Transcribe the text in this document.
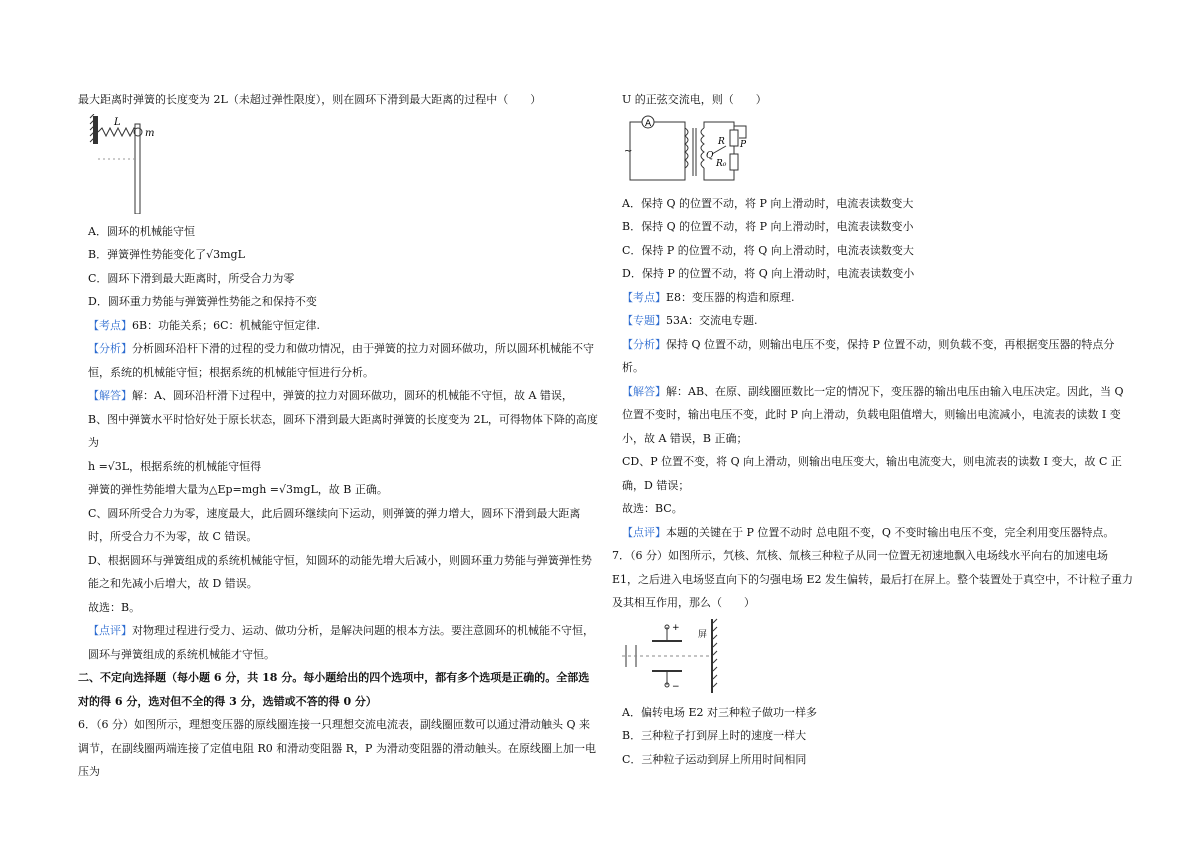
最大距离时弹簧的长度变为 2L（未超过弹性限度），则在圆环下滑到最大距离的过程中（　　）

L
m

A．圆环的机械能守恒

B．弹簧弹性势能变化了√3mgL

C．圆环下滑到最大距离时，所受合力为零

D．圆环重力势能与弹簧弹性势能之和保持不变

【考点】6B：功能关系；6C：机械能守恒定律.

【分析】分析圆环沿杆下滑的过程的受力和做功情况，由于弹簧的拉力对圆环做功，所以圆环机械能不守恒，系统的机械能守恒；根据系统的机械能守恒进行分析。

【解答】解：A、圆环沿杆滑下过程中，弹簧的拉力对圆环做功，圆环的机械能不守恒，故 A 错误，

B、图中弹簧水平时恰好处于原长状态，圆环下滑到最大距离时弹簧的长度变为 2L，可得物体下降的高度为

h =√3L，根据系统的机械能守恒得

弹簧的弹性势能增大量为△Ep=mgh =√3mgL，故 B 正确。

C、圆环所受合力为零，速度最大，此后圆环继续向下运动，则弹簧的弹力增大，圆环下滑到最大距离时，所受合力不为零，故 C 错误。

D、根据圆环与弹簧组成的系统机械能守恒，知圆环的动能先增大后减小，则圆环重力势能与弹簧弹性势能之和先减小后增大，故 D 错误。

故选：B。

【点评】对物理过程进行受力、运动、做功分析，是解决问题的根本方法。要注意圆环的机械能不守恒，圆环与弹簧组成的系统机械能才守恒。

二、不定向选择题（每小题 6 分，共 18 分。每小题给出的四个选项中，都有多个选项是正确的。全部选对的得 6 分，选对但不全的得 3 分，选错或不答的得 0 分）

6．（6 分）如图所示，理想变压器的原线圈连接一只理想交流电流表，副线圈匝数可以通过滑动触头 Q 来调节，在副线圈两端连接了定值电阻 R0 和滑动变阻器 R，P 为滑动变阻器的滑动触头。在原线圈上加一电压为

U 的正弦交流电，则（　　）

A
~
R P
R₀
Q

A．保持 Q 的位置不动，将 P 向上滑动时，电流表读数变大

B．保持 Q 的位置不动，将 P 向上滑动时，电流表读数变小

C．保持 P 的位置不动，将 Q 向上滑动时，电流表读数变大

D．保持 P 的位置不动，将 Q 向上滑动时，电流表读数变小

【考点】E8：变压器的构造和原理.

【专题】53A：交流电专题.

【分析】保持 Q 位置不动，则输出电压不变，保持 P 位置不动，则负载不变，再根据变压器的特点分析。

【解答】解：AB、在原、副线圈匝数比一定的情况下，变压器的输出电压由输入电压决定。因此，当 Q 位置不变时，输出电压不变，此时 P 向上滑动，负载电阻值增大，则输出电流减小，电流表的读数 I 变小，故 A 错误，B 正确；

CD、P 位置不变，将 Q 向上滑动，则输出电压变大，输出电流变大，则电流表的读数 I 变大，故 C 正确，D 错误；

故选：BC。

【点评】本题的关键在于 P 位置不动时 总电阻不变，Q 不变时输出电压不变，完全利用变压器特点。

7．（6 分）如图所示，氕核、氘核、氚核三种粒子从同一位置无初速地飘入电场线水平向右的加速电场 E1，之后进入电场竖直向下的匀强电场 E2 发生偏转，最后打在屏上。整个装置处于真空中，不计粒子重力及其相互作用，那么（　　）

+
−
屏

A．偏转电场 E2 对三种粒子做功一样多

B．三种粒子打到屏上时的速度一样大

C．三种粒子运动到屏上所用时间相同
